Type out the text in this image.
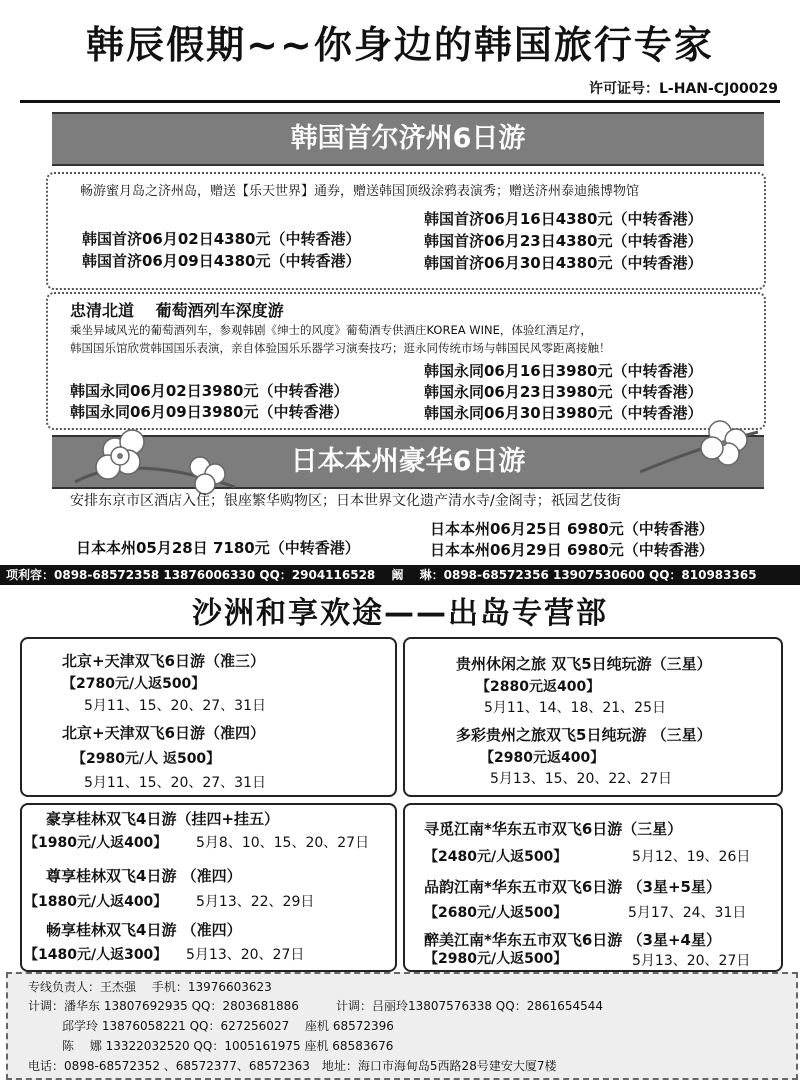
韩辰假期~~你身边的韩国旅行专家
许可证号：L-HAN-CJ00029
韩国首尔济州6日游
畅游蜜月岛之济州岛，赠送【乐天世界】通券，赠送韩国顶级涂鸦表演秀；赠送济州泰迪熊博物馆
韩国首济06月02日4380元（中转香港）
韩国首济06月09日4380元（中转香港）
韩国首济06月16日4380元（中转香港）
韩国首济06月23日4380元（中转香港）
韩国首济06月30日4380元（中转香港）
忠清北道　 葡萄酒列车深度游
乘坐异域风光的葡萄酒列车，参观韩剧《绅士的风度》葡萄酒专供酒庄KOREA WINE，体验红酒足疗，
韩国国乐馆欣赏韩国国乐表演，亲自体验国乐乐器学习演奏技巧；逛永同传统市场与韩国民风零距离接触！
韩国永同06月02日3980元（中转香港）
韩国永同06月09日3980元（中转香港）
韩国永同06月16日3980元（中转香港）
韩国永同06月23日3980元（中转香港）
韩国永同06月30日3980元（中转香港）
日本本州豪华6日游
安排东京市区酒店入住；银座繁华购物区；日本世界文化遗产清水寺/金阁寺；祇园艺伎街
日本本州05月28日 7180元（中转香港）
日本本州06月25日 6980元（中转香港）
日本本州06月29日 6980元（中转香港）
项利容：0898-68572358 13876006330 QQ：2904116528　 阚　 琳：0898-68572356 13907530600 QQ：810983365
沙洲和享欢途——出岛专营部
北京+天津双飞6日游（准三）
【2780元/人返500】
5月11、15、20、27、31日
北京+天津双飞6日游（准四）
【2980元/人 返500】
5月11、15、20、27、31日
贵州休闲之旅 双飞5日纯玩游（三星）
【2880元返400】
5月11、14、18、21、25日
多彩贵州之旅双飞5日纯玩游 （三星）
【2980元返400】
5月13、15、20、22、27日
豪享桂林双飞4日游（挂四+挂五）
【1980元/人返400】 5月8、10、15、20、27日
尊享桂林双飞4日游 （准四）
【1880元/人返400】 5月13、22、29日
畅享桂林双飞4日游 （准四）
【1480元/人返300】 5月13、20、27日
寻觅江南*华东五市双飞6日游（三星）
【2480元/人返500】	5月12、19、26日
品韵江南*华东五市双飞6日游 （3星+5星）
【2680元/人返500】	5月17、24、31日
醉美江南*华东五市双飞6日游 （3星+4星）
【2980元/人返500】	5月13、20、27日
专线负责人：王杰强　 手机：13976603623
计调：潘华东 13807692935 QQ：2803681886	计调：吕丽玲13807576338 QQ：2861654544
邱学玲 13876058221 QQ：627256027　 座机 68572396
陈　 娜 13322032520 QQ：1005161975 座机 68583676
电话：0898-68572352 、68572377、68572363　地址：海口市海甸岛5西路28号建安大厦7楼
